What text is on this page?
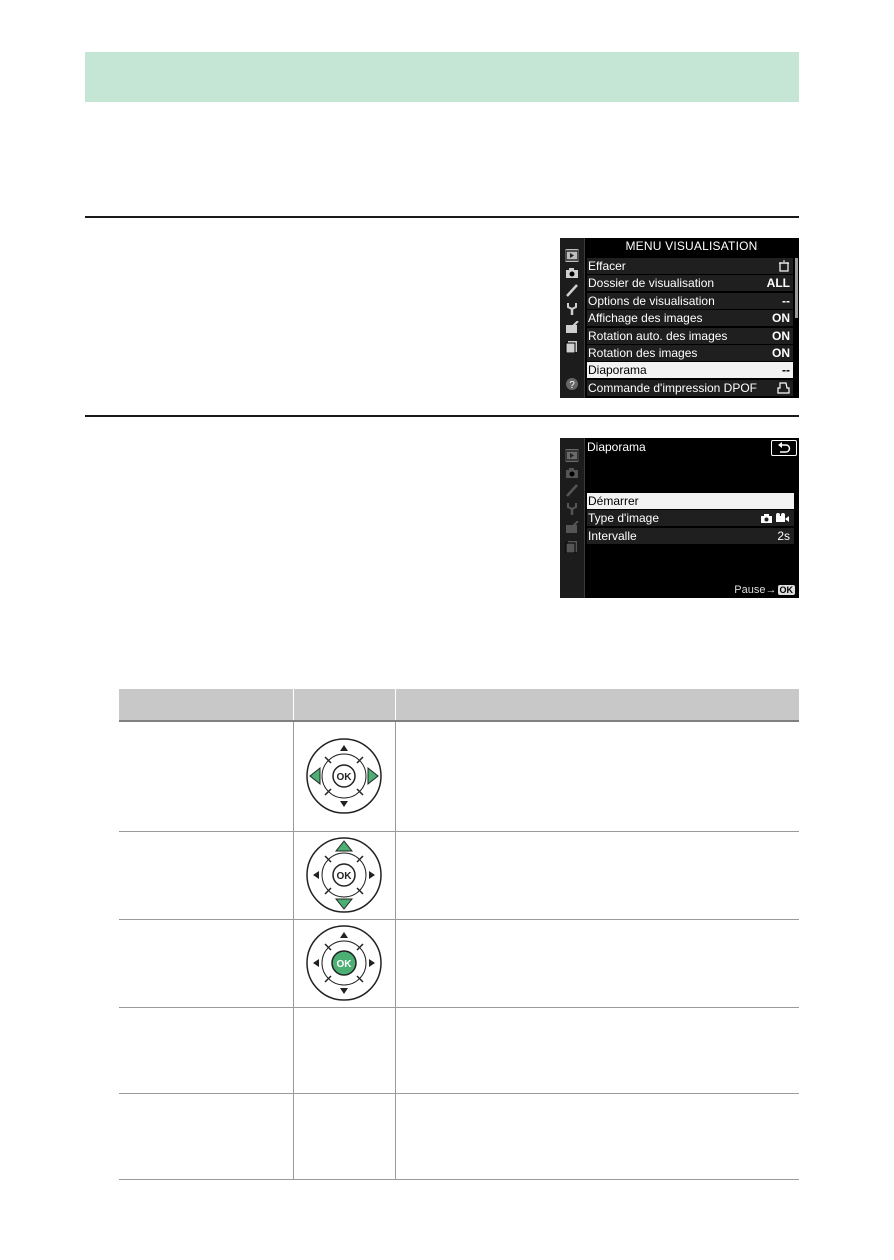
?
MENU VISUALISATION
Effacer
Dossier de visualisation	ALL
Options de visualisation	--
Affichage des images	ON
Rotation auto. des images	ON
Rotation des images	ON
Diaporama	--
Commande d'impression DPOF
Diaporama
Démarrer
Type d'image
Intervalle	2s
Pause→ OK

OK	

OK	

OK	
